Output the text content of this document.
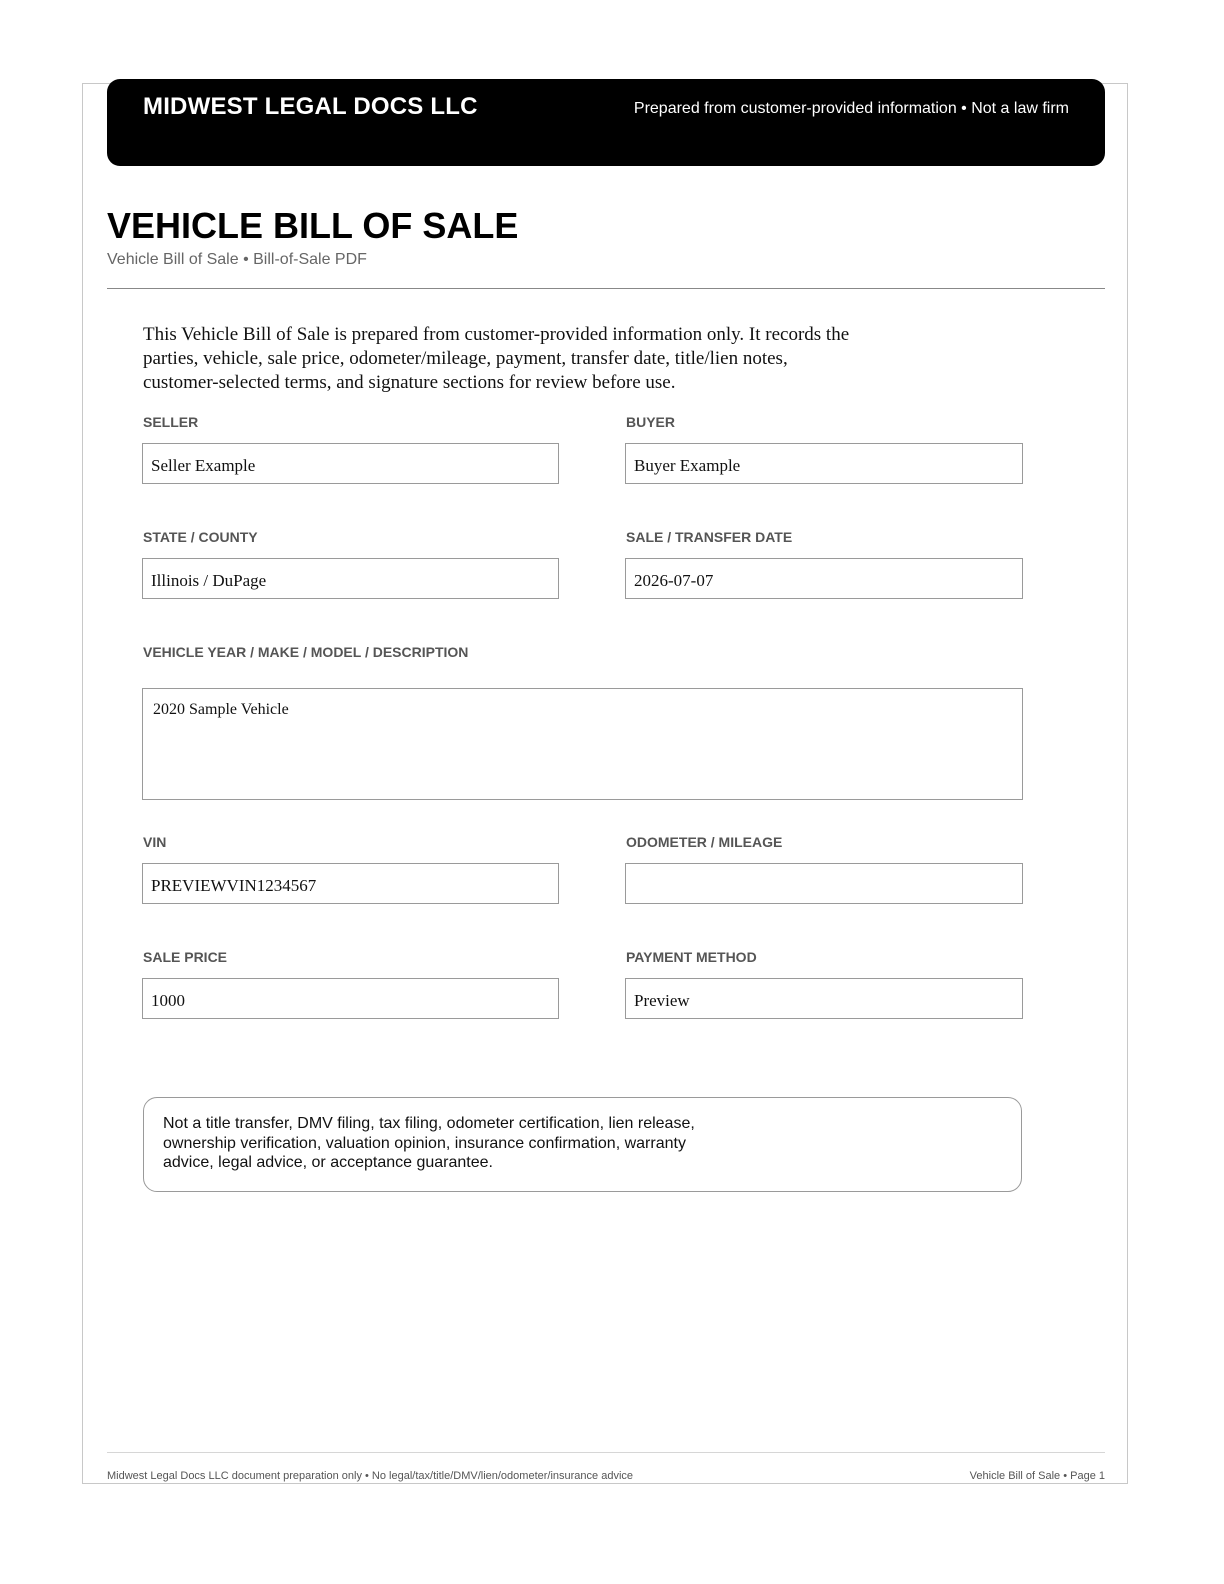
MIDWEST LEGAL DOCS LLC	Prepared from customer-provided information • Not a law firm
VEHICLE BILL OF SALE
Vehicle Bill of Sale • Bill-of-Sale PDF
This Vehicle Bill of Sale is prepared from customer-provided information only. It records the parties, vehicle, sale price, odometer/mileage, payment, transfer date, title/lien notes, customer-selected terms, and signature sections for review before use.
SELLER
Seller Example
BUYER
Buyer Example
STATE / COUNTY
Illinois / DuPage
SALE / TRANSFER DATE
2026-07-07
VEHICLE YEAR / MAKE / MODEL / DESCRIPTION
2020 Sample Vehicle
VIN
PREVIEWVIN1234567
ODOMETER / MILEAGE
SALE PRICE
1000
PAYMENT METHOD
Preview
Not a title transfer, DMV filing, tax filing, odometer certification, lien release, ownership verification, valuation opinion, insurance confirmation, warranty advice, legal advice, or acceptance guarantee.
Midwest Legal Docs LLC document preparation only • No legal/tax/title/DMV/lien/odometer/insurance advice	Vehicle Bill of Sale • Page 1
